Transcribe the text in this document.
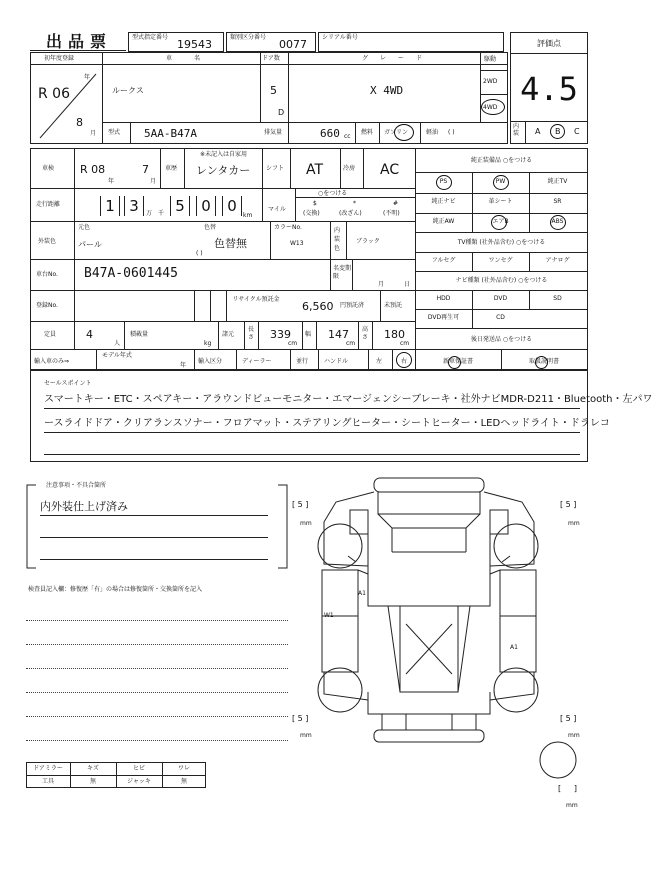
出品票	型式指定番号
19543
類別区分番号
0077
シリアル番号
評価点
4.5
内装	A B C
初年度登録
年
R 06
8
月
車名
ルークス
ドア数
5
D
グレード
X 4WD
駆動
2WD
4WD
型式 5AA-B47A	排気量	660 cc
燃料 ガソリン	軽油 ( )
車検 R 08
年
7
月
車歴
※未記入は自家用
レンタカー	シフト AT	冷房 AC
走行距離	1 3	5	0	0
万 千	km
マイル
○をつける
$
(交換)
*
(改ざん)
#
(不明)
外装色
元色
パール
色替
色替無
( )
カラーNo.
W13
内装色
ブラック
車台No. B47A-0601445	名変期限
月	日
登録No.
リサイクル預託金
6,560 円預託済	未預託
定員	4
人
積載量
kg
諸元
長さ 339
cm
幅 147
cm
高さ 180
cm
輸入車のみ⇒
モデル年式
年
輸入区分	ディーラー	並行	ハンドル	左	右
純正装備品 ○をつける
PS	PW	純正TV
純正ナビ	革シート	SR
純正AW	エアB	ABS
フルセグ	ワンセグ	アナログ
HDD	DVD	SD
DVD再生可	CD
新車保証書	取扱説明書
TV種類 (社外品含む) ○をつける
ナビ種類 (社外品含む) ○をつける
後日発送品 ○をつける
セールスポイント
スマートキー・ETC・スペアキー・アラウンドビューモニター・エマージェンシーブレーキ・社外ナビMDR-D211・Bluetooth・左パワ
ースライドドア・クリアランスソナー・フロアマット・ステアリングヒーター・シートヒーター・LEDヘッドライト・ドラレコ
注意事項・不具合箇所
内外装仕上げ済み
検査員記入欄：修復歴「有」の場合は修復箇所・交換箇所を記入
ドアミラー	キズ	ヒビ	ワレ
工具	無	ジャッキ	無
A1
W1
A1
[ 5 ]
mm
[ 5 ]
mm
[ 5 ]
mm
[ 5 ]
mm
[     ]
mm
